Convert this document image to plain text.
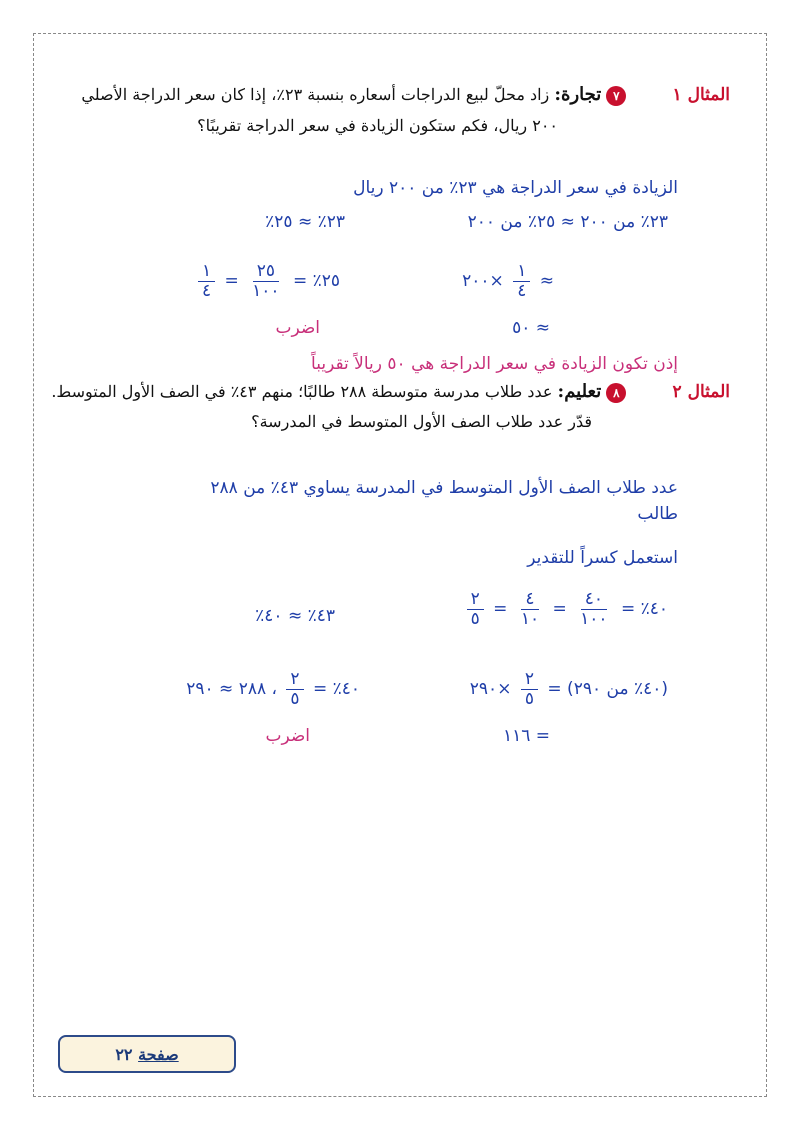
المثال ١  ٧ تجارة: زاد محلّ لبيع الدراجات أسعاره بنسبة ٢٣٪، إذا كان سعر الدراجة الأصلي
٢٠٠ ريال، فكم ستكون الزيادة في سعر الدراجة تقريبًا؟
الزيادة في سعر الدراجة هي ٢٣٪ من ٢٠٠ ريال
٢٣٪ من ٢٠٠ ≈ ٢٥٪ من ٢٠٠
٢٣٪ ≈ ٢٥٪
≈
$\frac{١}{٤}$
×٢٠٠
٢٥٪ =
$\frac{٢٥}{١٠٠}$
=
$\frac{١}{٤}$
≈ ٥٠
اضرب
إذن تكون الزيادة في سعر الدراجة هي ٥٠ ريالاً تقريباً
المثال ٢  ٨ تعليم: عدد طلاب مدرسة متوسطة ٢٨٨ طالبًا؛ منهم ٤٣٪ في الصف الأول المتوسط.
قدّر عدد طلاب الصف الأول المتوسط في المدرسة؟
عدد طلاب الصف الأول المتوسط في المدرسة يساوي ٤٣٪ من ٢٨٨
طالب
استعمل كسراً للتقدير
٤٠٪ =
$\frac{٤٠}{١٠٠}$
=
$\frac{٤}{١٠}$
=
$\frac{٢}{٥}$
٤٣٪ ≈ ٤٠٪
(٤٠٪ من ٢٩٠) =
$\frac{٢}{٥}$
×٢٩٠
٤٠٪ =
$\frac{٢}{٥}$
، ٢٨٨ ≈ ٢٩٠
= ١١٦
اضرب
صفحة ٢٢
